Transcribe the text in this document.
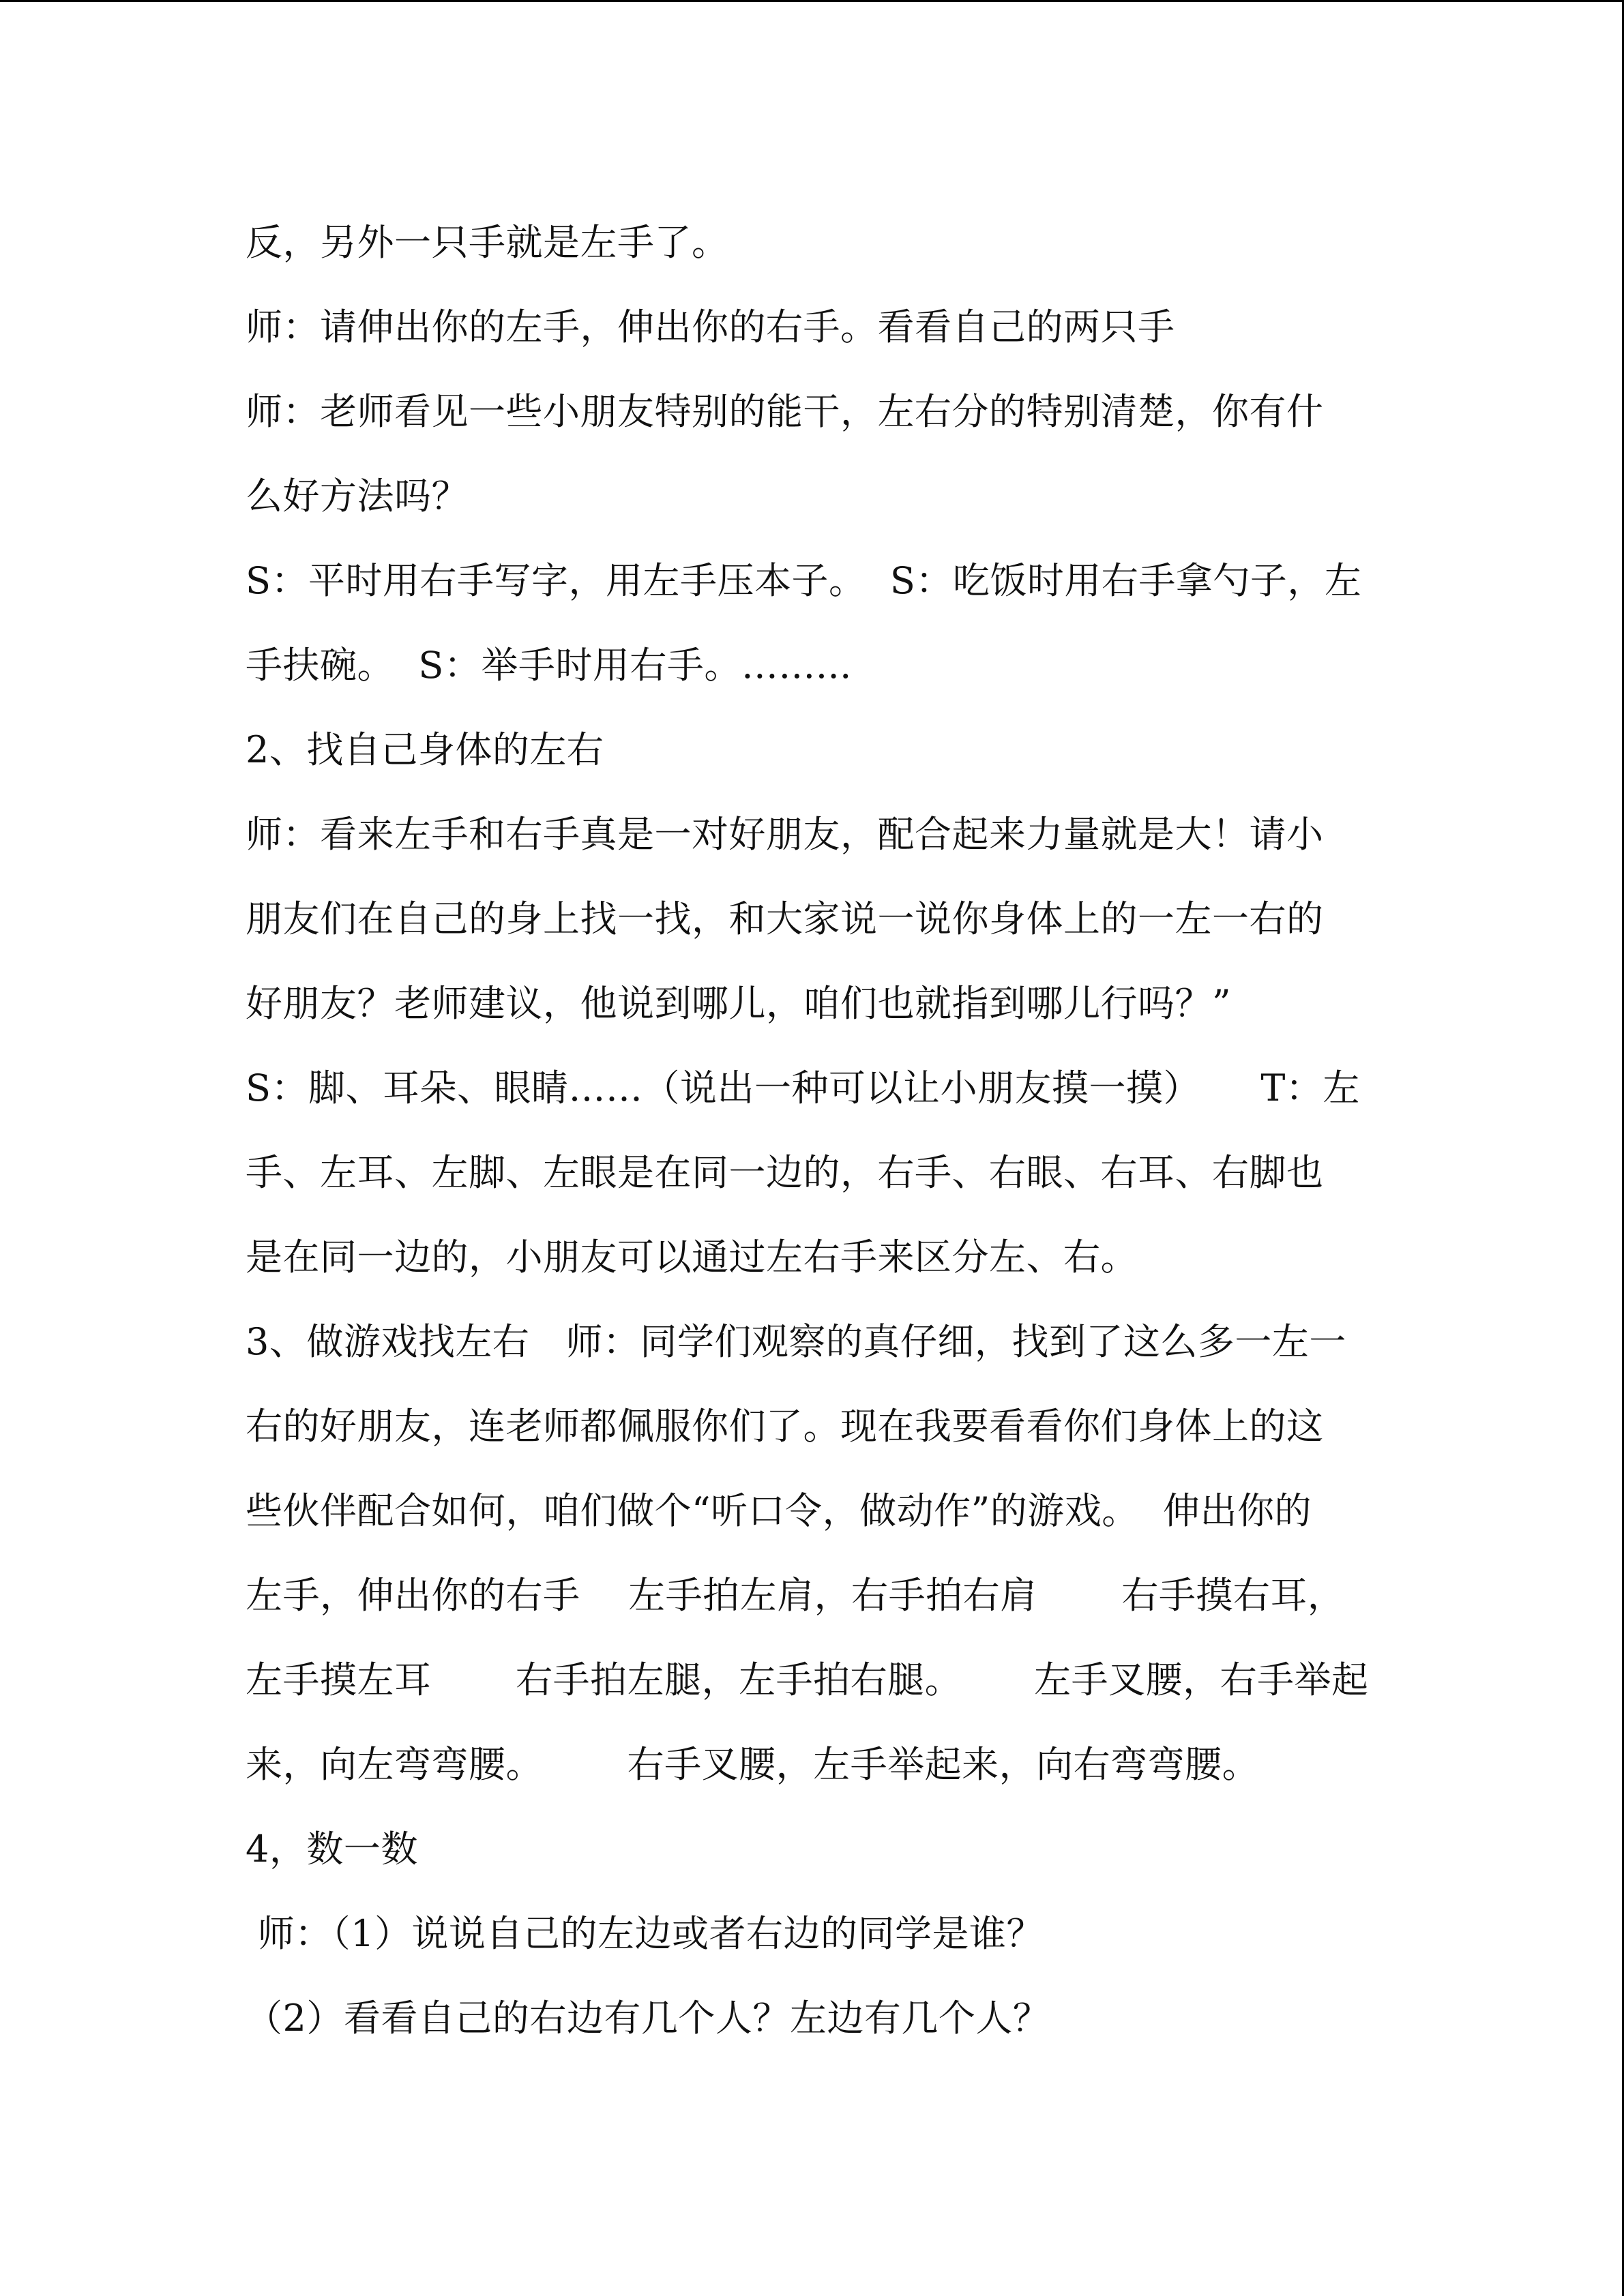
反，另外一只手就是左手了。
师：请伸出你的左手，伸出你的右手。看看自己的两只手
师：老师看见一些小朋友特别的能干，左右分的特别清楚，你有什
么好方法吗？
S：平时用右手写字，用左手压本子。  S：吃饭时用右手拿勺子，左
手扶碗。  S：举手时用右手。……...
2、找自己身体的左右
师：看来左手和右手真是一对好朋友，配合起来力量就是大！请小
朋友们在自己的身上找一找，和大家说一说你身体上的一左一右的
好朋友？老师建议，他说到哪儿，咱们也就指到哪儿行吗？”
S：脚、耳朵、眼睛……（说出一种可以让小朋友摸一摸）     T：左
手、左耳、左脚、左眼是在同一边的，右手、右眼、右耳、右脚也
是在同一边的，小朋友可以通过左右手来区分左、右。
3、做游戏找左右   师：同学们观察的真仔细，找到了这么多一左一
右的好朋友，连老师都佩服你们了。现在我要看看你们身体上的这
些伙伴配合如何，咱们做个“听口令，做动作”的游戏。  伸出你的
左手，伸出你的右手    左手拍左肩，右手拍右肩       右手摸右耳，
左手摸左耳       右手拍左腿，左手拍右腿。      左手叉腰，右手举起
来，向左弯弯腰。       右手叉腰，左手举起来，向右弯弯腰。
4，数一数
师：（1）说说自己的左边或者右边的同学是谁？
（2）看看自己的右边有几个人？左边有几个人？
